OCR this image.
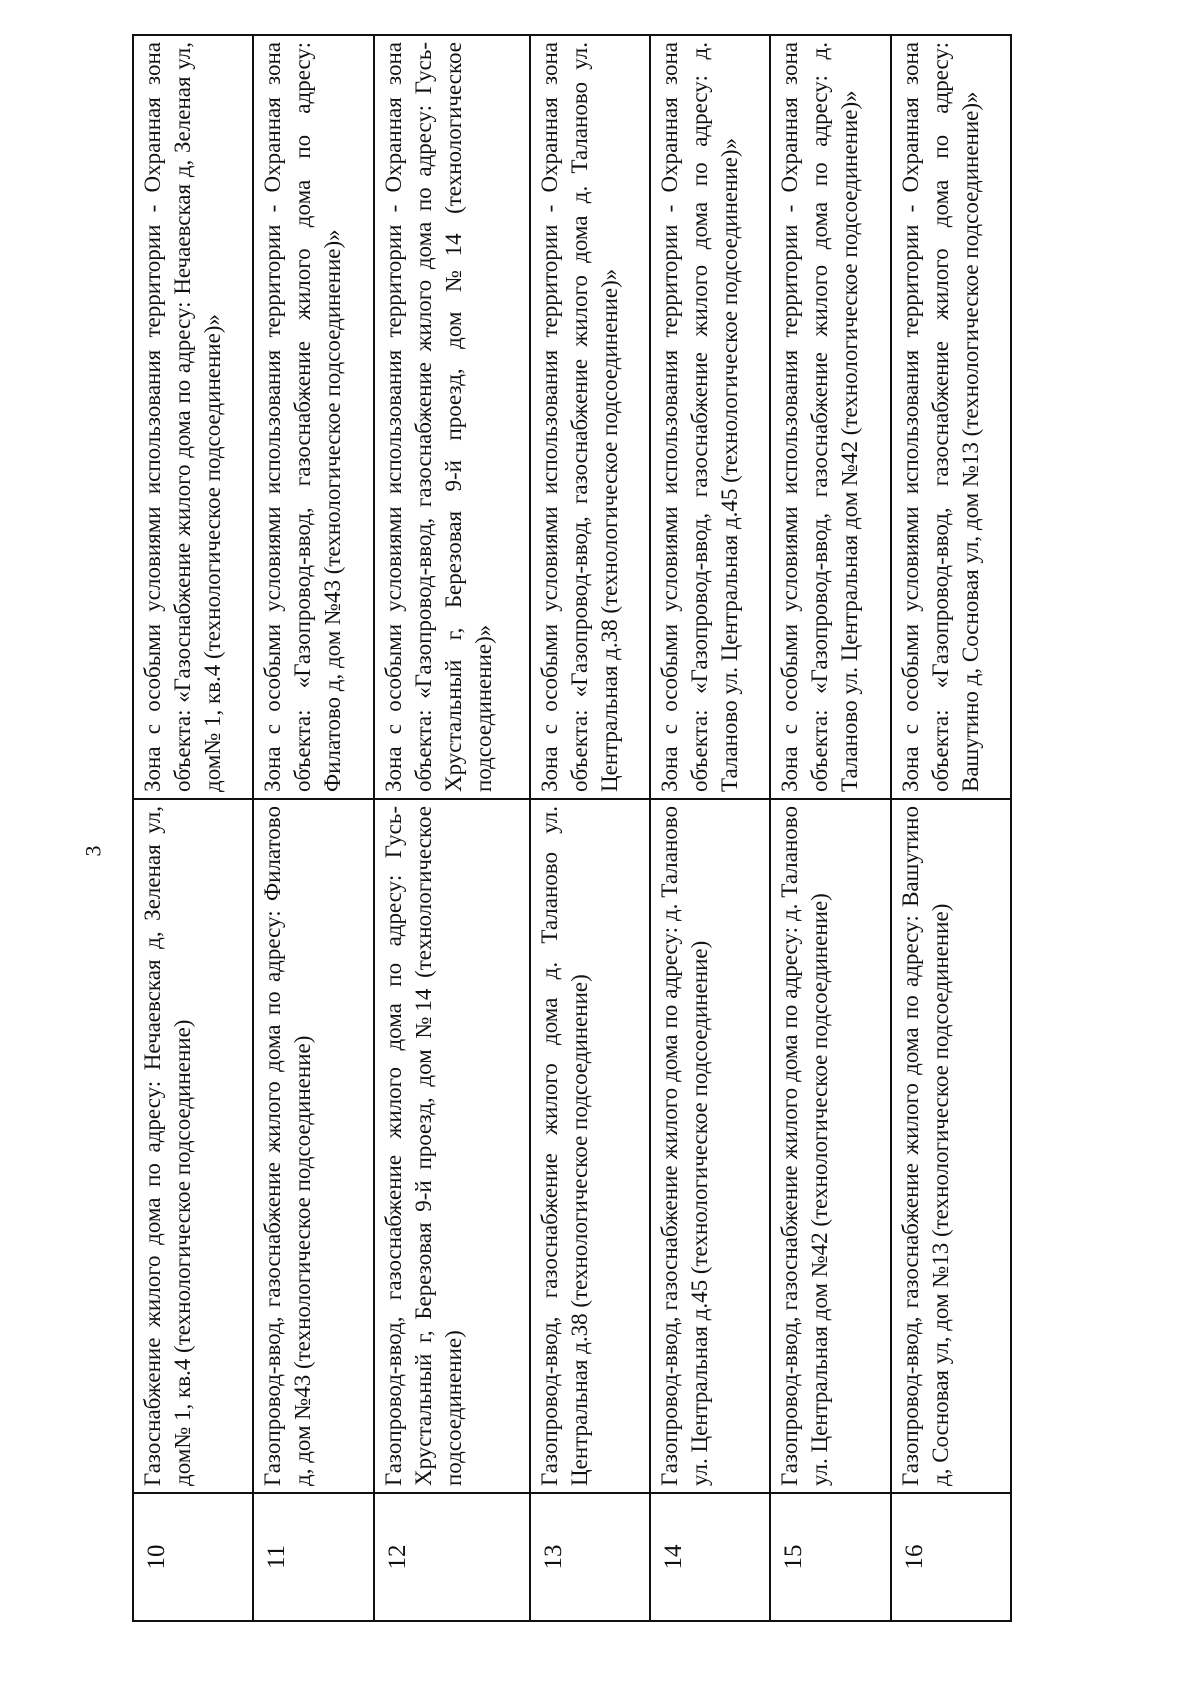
3
10	Газоснабжение жилого дома по адресу: Нечаевская д, Зеленая ул, дом№ 1, кв.4 (технологическое подсоединение)	Зона с особыми условиями использования территории - Охранная зона объекта: «Газоснабжение жилого дома по адресу: Нечаевская д, Зеленая ул, дом№ 1, кв.4 (технологическое подсоединение)»
11	Газопровод-ввод, газоснабжение жилого дома по адресу: Филатово д, дом №43 (технологическое подсоединение)	Зона с особыми условиями использования территории - Охранная зона объекта: «Газопровод-ввод, газоснабжение жилого дома по адресу: Филатово д, дом №43 (технологическое подсоединение)»
12	Газопровод-ввод, газоснабжение жилого дома по адресу: Гусь-Хрустальный г, Березовая 9-й проезд, дом №14 (технологическое подсоединение)	Зона с особыми условиями использования территории - Охранная зона объекта: «Газопровод-ввод, газоснабжение жилого дома по адресу: Гусь-Хрустальный г, Березовая 9-й проезд, дом №14 (технологическое подсоединение)»
13	Газопровод-ввод, газоснабжение жилого дома д. Таланово ул. Центральная д.38 (технологическое подсоединение)	Зона с особыми условиями использования территории - Охранная зона объекта: «Газопровод-ввод, газоснабжение жилого дома д. Таланово ул. Центральная д.38 (технологическое подсоединение)»
14	Газопровод-ввод, газоснабжение жилого дома по адресу: д. Таланово ул. Центральная д.45 (технологическое подсоединение)	Зона с особыми условиями использования территории - Охранная зона объекта: «Газопровод-ввод, газоснабжение жилого дома по адресу: д. Таланово ул. Центральная д.45 (технологическое подсоединение)»
15	Газопровод-ввод, газоснабжение жилого дома по адресу: д. Таланово ул. Центральная дом №42 (технологическое подсоединение)	Зона с особыми условиями использования территории - Охранная зона объекта: «Газопровод-ввод, газоснабжение жилого дома по адресу: д. Таланово ул. Центральная дом №42 (технологическое подсоединение)»
16	Газопровод-ввод, газоснабжение жилого дома по адресу: Вашутино д, Сосновая ул, дом №13 (технологическое подсоединение)	Зона с особыми условиями использования территории - Охранная зона объекта: «Газопровод-ввод, газоснабжение жилого дома по адресу: Вашутино д, Сосновая ул, дом №13 (технологическое подсоединение)»
